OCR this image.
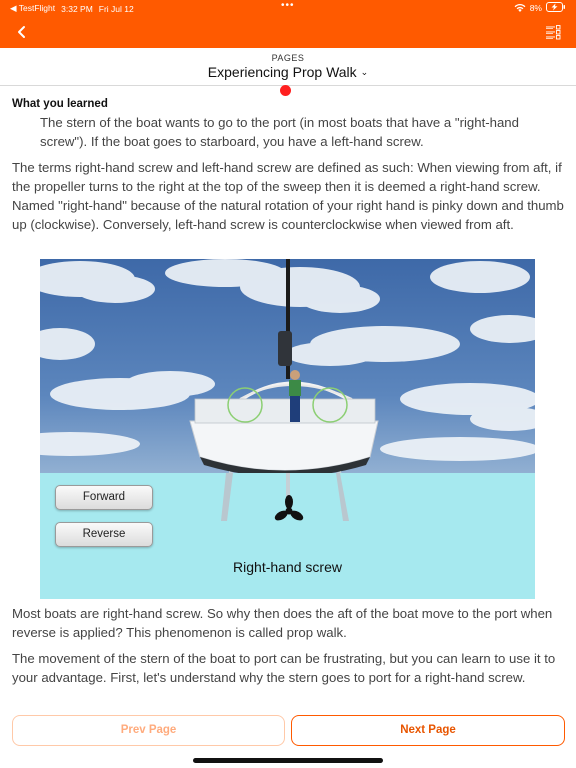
◀ TestFlight 3:32 PM Fri Jul 12	•••	8%
PAGES
Experiencing Prop Walk ⌄

What you learned

The stern of the boat wants to go to the port (in most boats that have a "right-hand screw"). If the boat goes to starboard, you have a left-hand screw.

The terms right-hand screw and left-hand screw are defined as such: When viewing from aft, if the propeller turns to the right at the top of the sweep then it is deemed a right-hand screw. Named "right-hand" because of the natural rotation of your right hand is pinky down and thumb up (clockwise). Conversely, left-hand screw is counterclockwise when viewed from aft.

Forward
Reverse
Right-hand screw

Most boats are right-hand screw. So why then does the aft of the boat move to the port when reverse is applied? This phenomenon is called prop walk.

The movement of the stern of the boat to port can be frustrating, but you can learn to use it to your advantage. First, let's understand why the stern goes to port for a right-hand screw.

Prev Page	Next Page
